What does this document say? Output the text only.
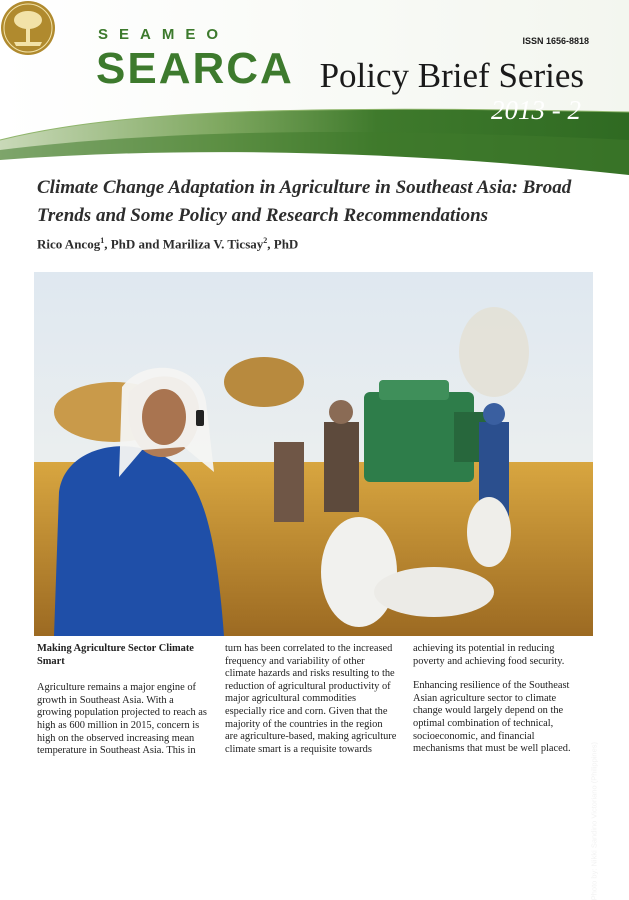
SEAMEO
SEARCA
ISSN 1656-8818
Policy Brief Series
2013 - 2
Climate Change Adaptation in Agriculture in Southeast Asia: Broad Trends and Some Policy and Research Recommendations
Rico Ancog$^1$, PhD and Mariliza V. Ticsay$^2$, PhD
Photo by: Nikki Sandino Victoriano (Philippines)
Making Agriculture Sector Climate Smart

Agriculture remains a major engine of growth in Southeast Asia. With a growing population projected to reach as high as 600 million in 2015, concern is high on the observed increasing mean temperature in Southeast Asia. This in

turn has been correlated to the increased frequency and variability of other climate hazards and risks resulting to the reduction of agricultural productivity of major agricultural commodities especially rice and corn. Given that the majority of the countries in the region are agriculture-based, making agriculture climate smart is a requisite towards

achieving its potential in reducing poverty and achieving food security.

Enhancing resilience of the Southeast Asian agriculture sector to climate change would largely depend on the optimal combination of technical, socioeconomic, and financial mechanisms that must be well placed.
